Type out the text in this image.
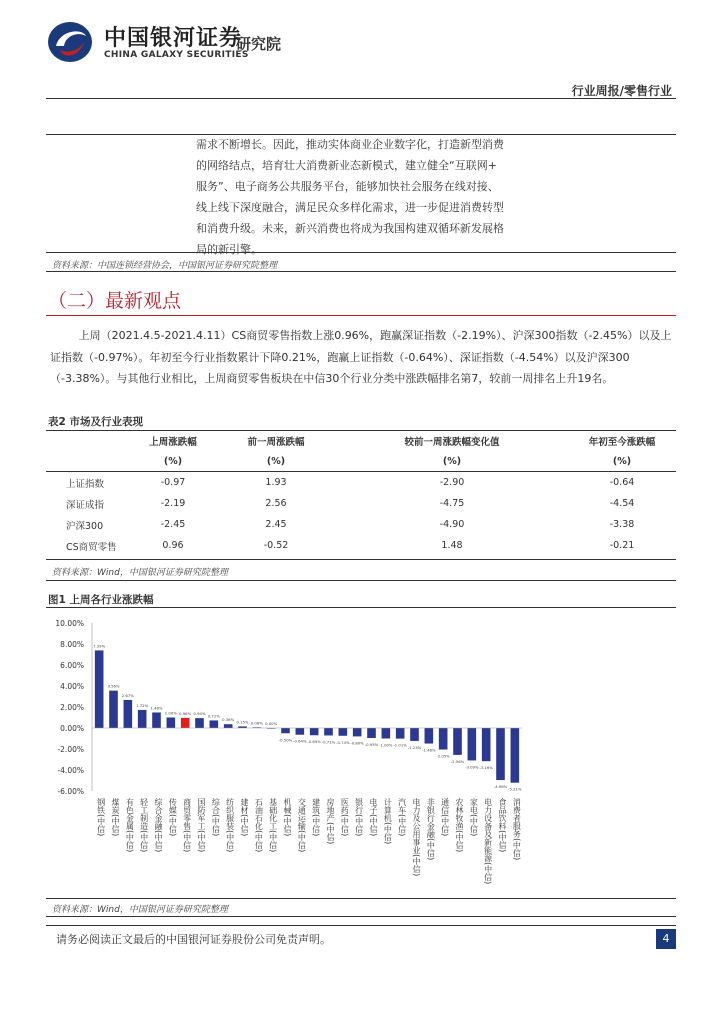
中国银河证券
研究院
CHINA GALAXY SECURITIES
行业周报/零售行业
需求不断增长。因此，推动实体商业企业数字化，打造新型消费
的网络结点，培育壮大消费新业态新模式，建立健全“互联网+
服务”、电子商务公共服务平台，能够加快社会服务在线对接、
线上线下深度融合，满足民众多样化需求，进一步促进消费转型
和消费升级。未来，新兴消费也将成为我国构建双循环新发展格
局的新引擎。
资料来源：中国连锁经营协会，中国银河证券研究院整理
（二）最新观点
上周（2021.4.5-2021.4.11）CS商贸零售指数上涨0.96%，跑赢深证指数（-2.19%）、沪深300指数（-2.45%）以及上证指数（-0.97%）。年初至今行业指数累计下降0.21%，跑赢上证指数（-0.64%）、深证指数（-4.54%）以及沪深300（-3.38%）。与其他行业相比，上周商贸零售板块在中信30个行业分类中涨跌幅排名第7，较前一周排名上升19名。
表2 市场及行业表现
	上周涨跌幅	前一周涨跌幅	较前一周涨跌幅变化值	年初至今涨跌幅
	(%)	(%)	(%)	(%)
上证指数	-0.97	1.93	-2.90	-0.64
深证成指	-2.19	2.56	-4.75	-4.54
沪深300	-2.45	2.45	-4.90	-3.38
CS商贸零售	0.96	-0.52	1.48	-0.21
资料来源：Wind，中国银河证券研究院整理
图1 上周各行业涨跌幅
-6.00%
-4.00%
-2.00%
0.00%
2.00%
4.00%
6.00%
8.00%
10.00%
7.39%
钢铁(中信)
3.56%
煤炭(中信)
2.67%
有色金属(中信)
1.72%
轻工制造(中信)
1.48%
综合金融(中信)
1.00%
传媒(中信)
0.96%
商贸零售(中信)
0.94%
国防军工(中信)
0.72%
综合(中信)
0.36%
纺织服装(中信)
0.15%
建材(中信)
0.06%
石油石化(中信)
0.00%
基础化工(中信)
-0.50%
机械(中信)
-0.64%
交通运输(中信)
-0.69%
建筑(中信)
-0.71%
房地产(中信)
-0.74%
医药(中信)
-0.80%
银行(中信)
-0.95%
电子(中信)
-1.00%
计算机(中信)
-1.01%
汽车(中信)
-1.23%
电力及公用事业(中信)
-1.48%
非银行金融(中信)
-2.05%
通信(中信)
-2.56%
农林牧渔(中信)
-3.09%
家电(中信)
-3.16%
电力设备及新能源(中信)
-4.96%
食品饮料(中信)
-5.21%
消费者服务(中信)
资料来源：Wind，中国银河证券研究院整理
请务必阅读正文最后的中国银河证券股份公司免责声明。	4
